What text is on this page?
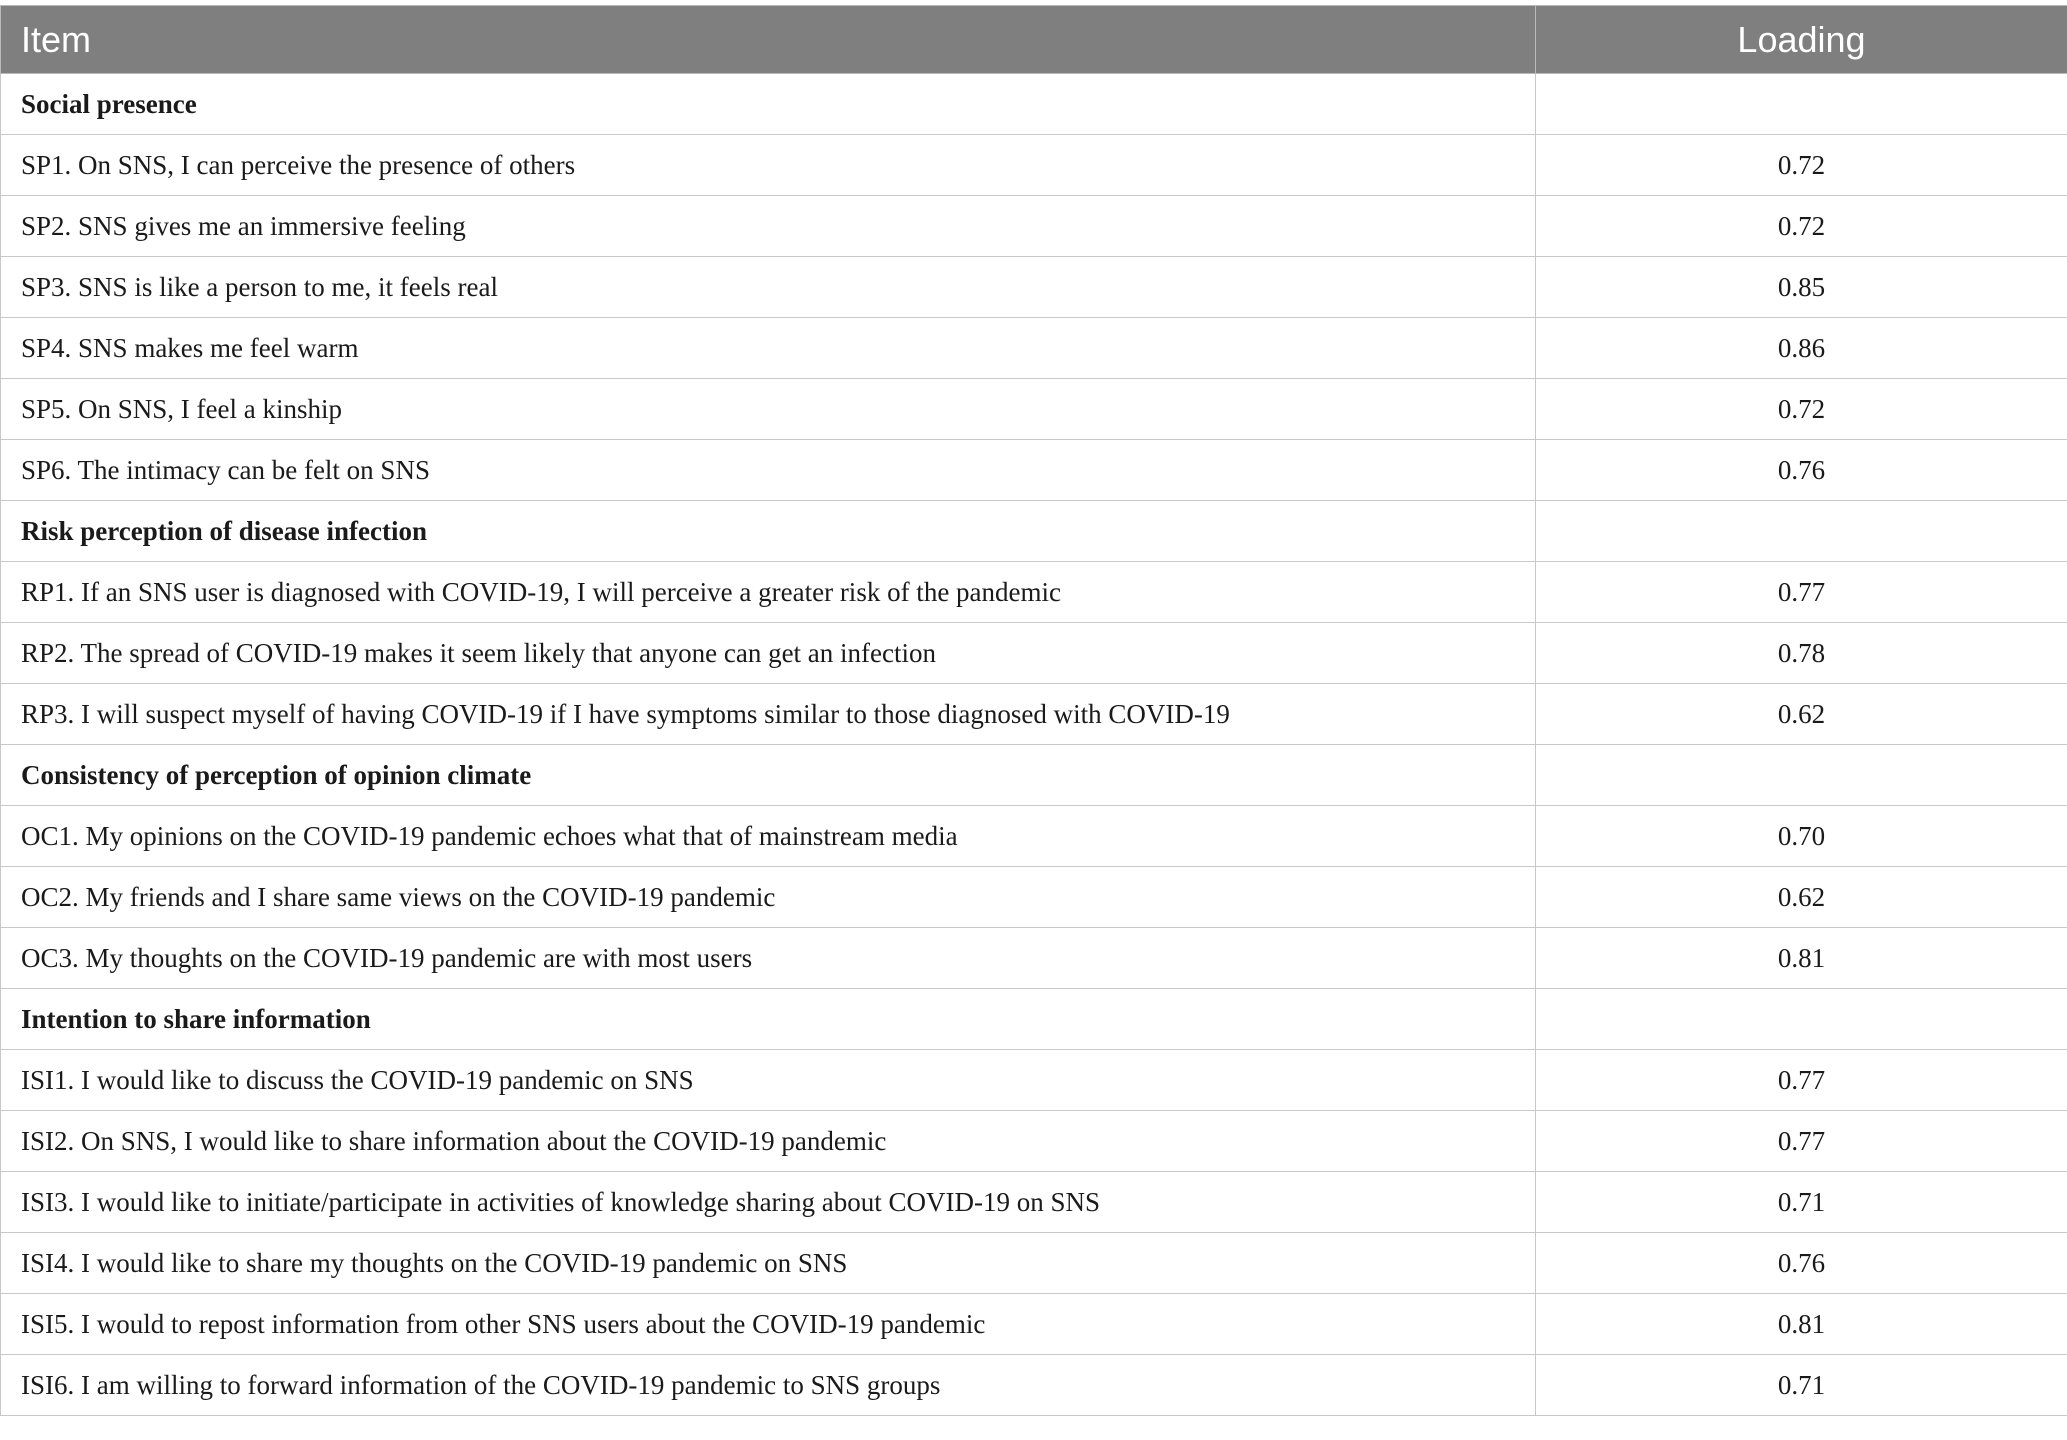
Item	Loading
Social presence	
SP1. On SNS, I can perceive the presence of others	0.72
SP2. SNS gives me an immersive feeling	0.72
SP3. SNS is like a person to me, it feels real	0.85
SP4. SNS makes me feel warm	0.86
SP5. On SNS, I feel a kinship	0.72
SP6. The intimacy can be felt on SNS	0.76
Risk perception of disease infection	
RP1. If an SNS user is diagnosed with COVID-19, I will perceive a greater risk of the pandemic	0.77
RP2. The spread of COVID-19 makes it seem likely that anyone can get an infection	0.78
RP3. I will suspect myself of having COVID-19 if I have symptoms similar to those diagnosed with COVID-19	0.62
Consistency of perception of opinion climate	
OC1. My opinions on the COVID-19 pandemic echoes what that of mainstream media	0.70
OC2. My friends and I share same views on the COVID-19 pandemic	0.62
OC3. My thoughts on the COVID-19 pandemic are with most users	0.81
Intention to share information	
ISI1. I would like to discuss the COVID-19 pandemic on SNS	0.77
ISI2. On SNS, I would like to share information about the COVID-19 pandemic	0.77
ISI3. I would like to initiate/participate in activities of knowledge sharing about COVID-19 on SNS	0.71
ISI4. I would like to share my thoughts on the COVID-19 pandemic on SNS	0.76
ISI5. I would to repost information from other SNS users about the COVID-19 pandemic	0.81
ISI6. I am willing to forward information of the COVID-19 pandemic to SNS groups	0.71
